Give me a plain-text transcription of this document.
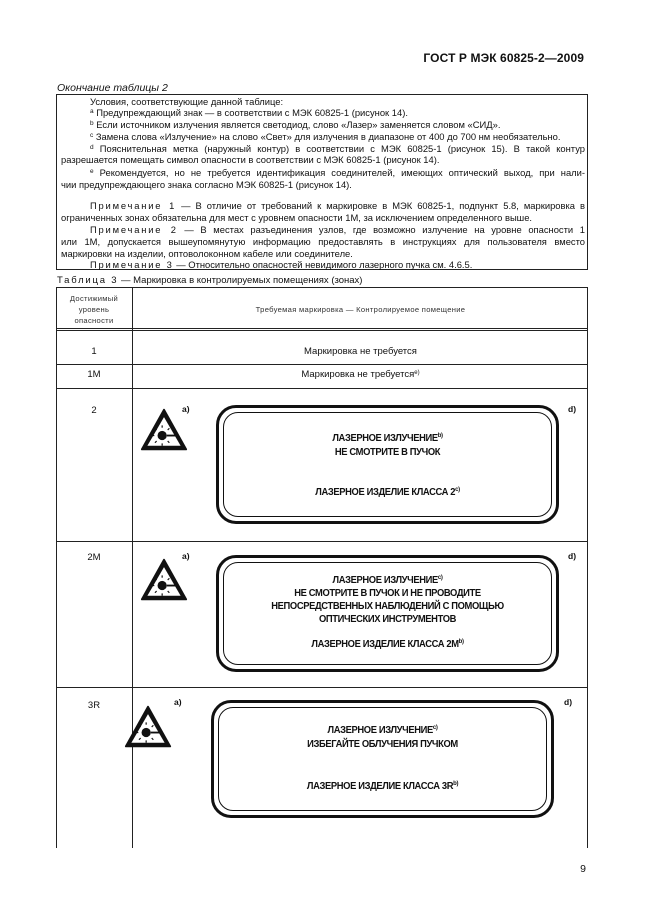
ГОСТ Р МЭК 60825-2—2009
Окончание таблицы 2
Условия, соответствующие данной таблице:
$^a$ Предупреждающий знак — в соответствии с МЭК 60825-1 (рисунок 14).
$^b$ Если источником излучения является светодиод, слово «Лазер» заменяется словом «СИД».
$^c$ Замена слова «Излучение» на слово «Свет» для излучения в диапазоне от 400 до 700 нм необязательно.
$^d$ Пояснительная метка (наружный контур) в соответствии с МЭК 60825-1 (рисунок 15). В такой контур
разрешается помещать символ опасности в соответствии с МЭК 60825-1 (рисунок 14).
$^e$ Рекомендуется, но не требуется идентификация соединителей, имеющих оптический выход, при нали-
чии предупреждающего знака согласно МЭК 60825-1 (рисунок 14).
Примечание 1 — В отличие от требований к маркировке в МЭК 60825-1, подпункт 5.8, маркировка в
ограниченных зонах обязательна для мест с уровнем опасности 1М, за исключением определенного выше.
Примечание 2 — В местах разъединения узлов, где возможно излучение на уровне опасности 1
или 1М, допускается вышеупомянутую информацию предоставлять в инструкциях для пользователя вместо
маркировки на изделии, оптоволоконном кабеле или соединителе.
Примечание 3 — Относительно опасностей невидимого лазерного пучка см. 4.6.5.
Таблица 3 — Маркировка в контролируемых помещениях (зонах)
Достижимый
уровень
опасности
Требуемая маркировка — Контролируемое помещение
1	Маркировка не требуется
1М	Маркировка не требуется$^{e)}$
2	a)	d)
ЛАЗЕРНОЕ ИЗЛУЧЕНИЕ$^{b)}$
НЕ СМОТРИТЕ В ПУЧОК
ЛАЗЕРНОЕ ИЗДЕЛИЕ КЛАССА 2$^{c)}$
2М	a)	d)
ЛАЗЕРНОЕ ИЗЛУЧЕНИЕ$^{c)}$
НЕ СМОТРИТЕ В ПУЧОК И НЕ ПРОВОДИТЕ
НЕПОСРЕДСТВЕННЫХ НАБЛЮДЕНИЙ С ПОМОЩЬЮ
ОПТИЧЕСКИХ ИНСТРУМЕНТОВ
ЛАЗЕРНОЕ ИЗДЕЛИЕ КЛАССА $2М^{b)}$
3R	a)	d)
ЛАЗЕРНОЕ ИЗЛУЧЕНИЕ$^{c)}$
ИЗБЕГАЙТЕ ОБЛУЧЕНИЯ ПУЧКОМ
ЛАЗЕРНОЕ ИЗДЕЛИЕ КЛАССА $3R^{b)}$
9
